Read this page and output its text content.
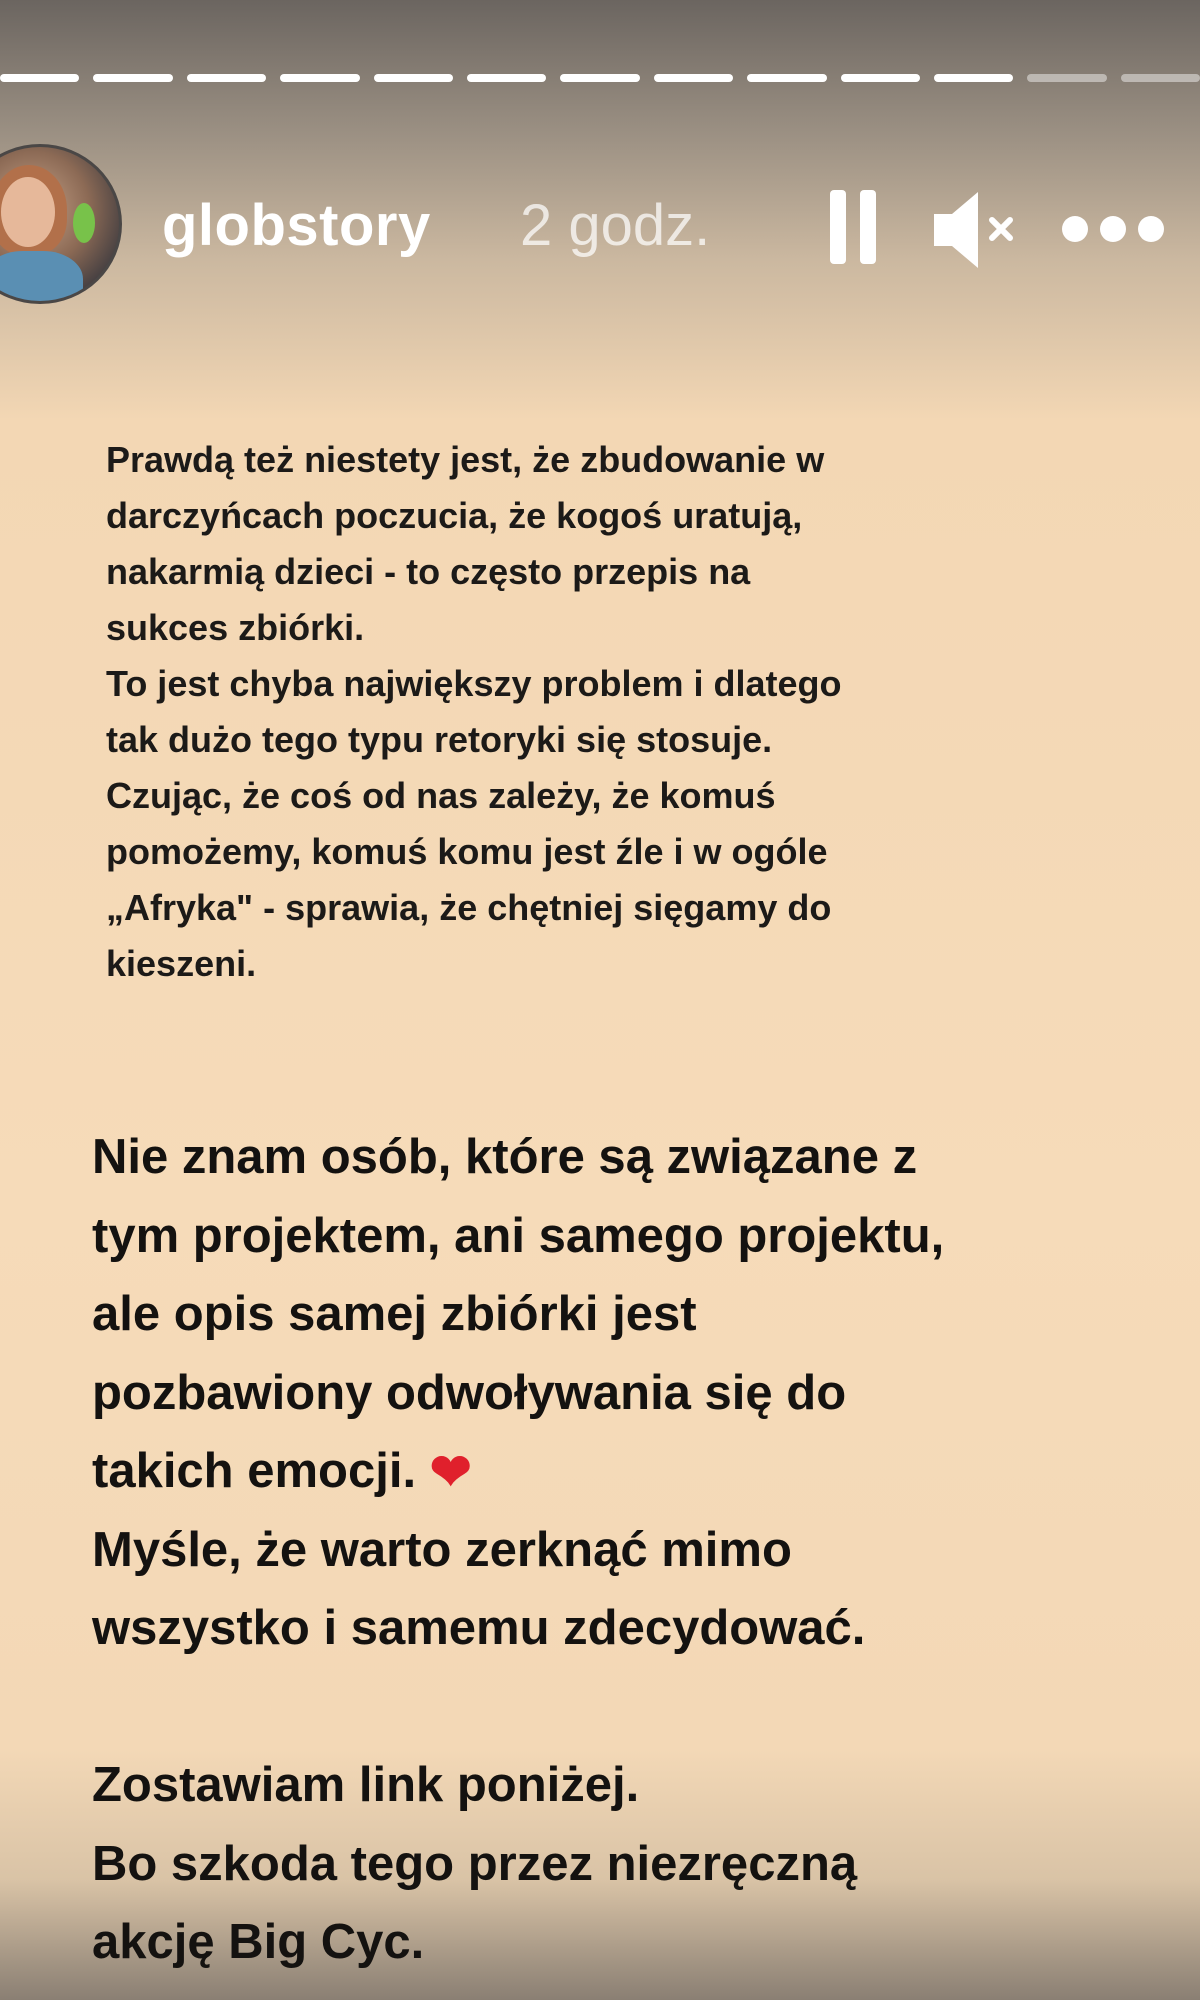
globstory 2 godz.
Prawdą też niestety jest, że zbudowanie w
darczyńcach poczucia, że kogoś uratują,
nakarmią dzieci - to często przepis na
sukces zbiórki.
To jest chyba największy problem i dlatego
tak dużo tego typu retoryki się stosuje.
Czując, że coś od nas zależy, że komuś
pomożemy, komuś komu jest źle i w ogóle
„Afryka" - sprawia, że chętniej sięgamy do
kieszeni.
Nie znam osób, które są związane z
tym projektem, ani samego projektu,
ale opis samej zbiórki jest
pozbawiony odwoływania się do
takich emocji. ❤
Myśle, że warto zerknąć mimo
wszystko i samemu zdecydować.

Zostawiam link poniżej.
Bo szkoda tego przez niezręczną
akcję Big Cyc.
